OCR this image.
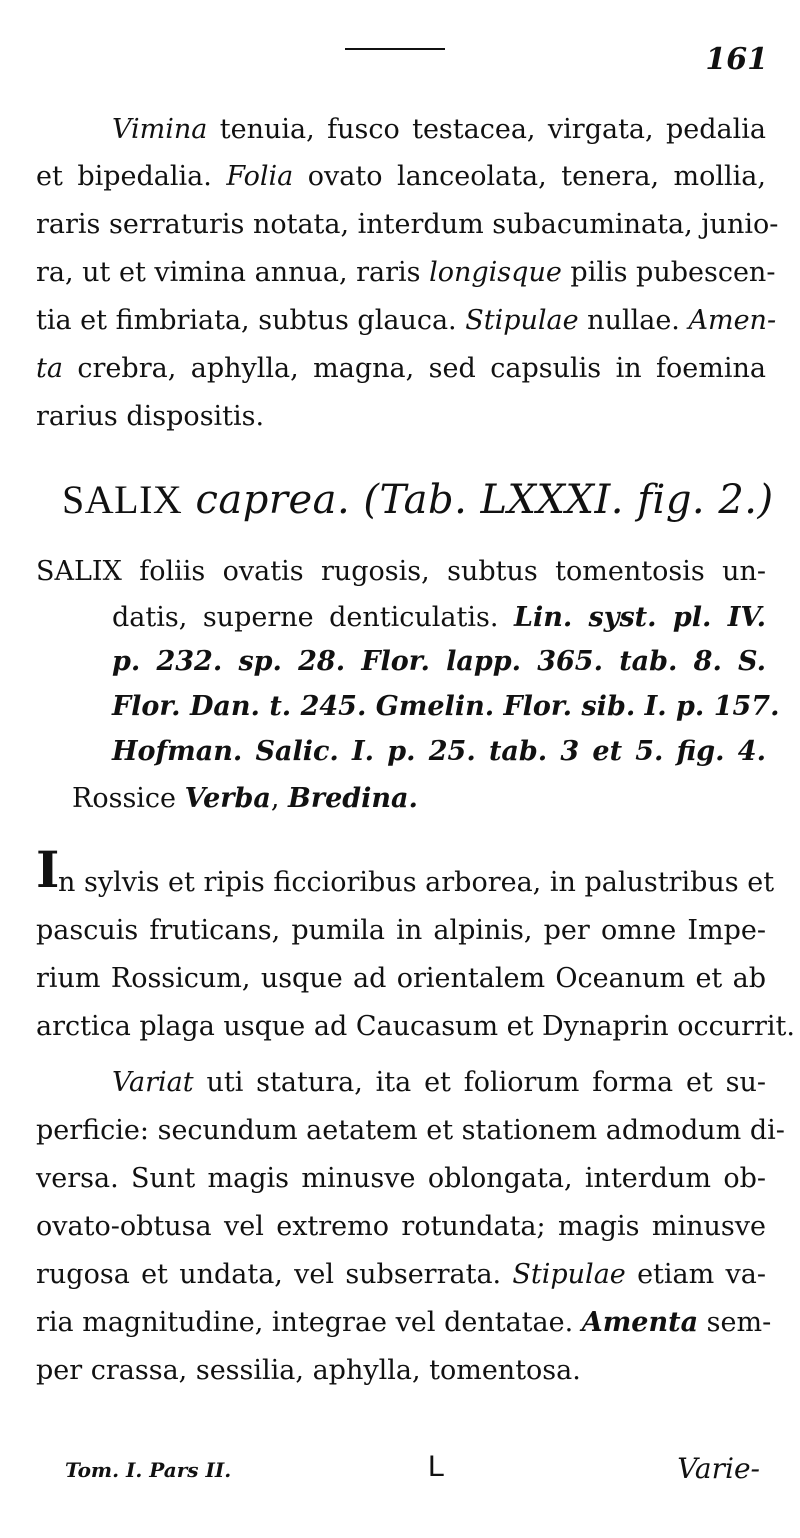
161
Vimina tenuia, fusco testacea, virgata, pedalia
et bipedalia. Folia ovato lanceolata, tenera, mollia,
raris serraturis notata, interdum subacuminata, junio-
ra, ut et vimina annua, raris longisque pilis pubescen-
tia et fimbriata, subtus glauca. Stipulae nullae. Amen-
ta crebra, aphylla, magna, sed capsulis in foemina
rarius dispositis.
SALIX caprea. (Tab. LXXXI. fig. 2.)
SALIX foliis ovatis rugosis, subtus tomentosis un-
datis, superne denticulatis. Lin. syst. pl. IV.
p. 232. sp. 28. Flor. lapp. 365. tab. 8. S.
Flor. Dan. t. 245. Gmelin. Flor. sib. I. p. 157.
Hofman. Salic. I. p. 25. tab. 3 et 5. fig. 4.
Rossice Verba, Bredina.
I
n sylvis et ripis ficcioribus arborea, in palustribus et
pascuis fruticans, pumila in alpinis, per omne Impe-
rium Rossicum, usque ad orientalem Oceanum et ab
arctica plaga usque ad Caucasum et Dynaprin occurrit.
Variat uti statura, ita et foliorum forma et su-
perficie: secundum aetatem et stationem admodum di-
versa. Sunt magis minusve oblongata, interdum ob-
ovato-obtusa vel extremo rotundata; magis minusve
rugosa et undata, vel subserrata. Stipulae etiam va-
ria magnitudine, integrae vel dentatae. Amenta sem-
per crassa, sessilia, aphylla, tomentosa.
Tom. I. Pars II.	L	Varie-
